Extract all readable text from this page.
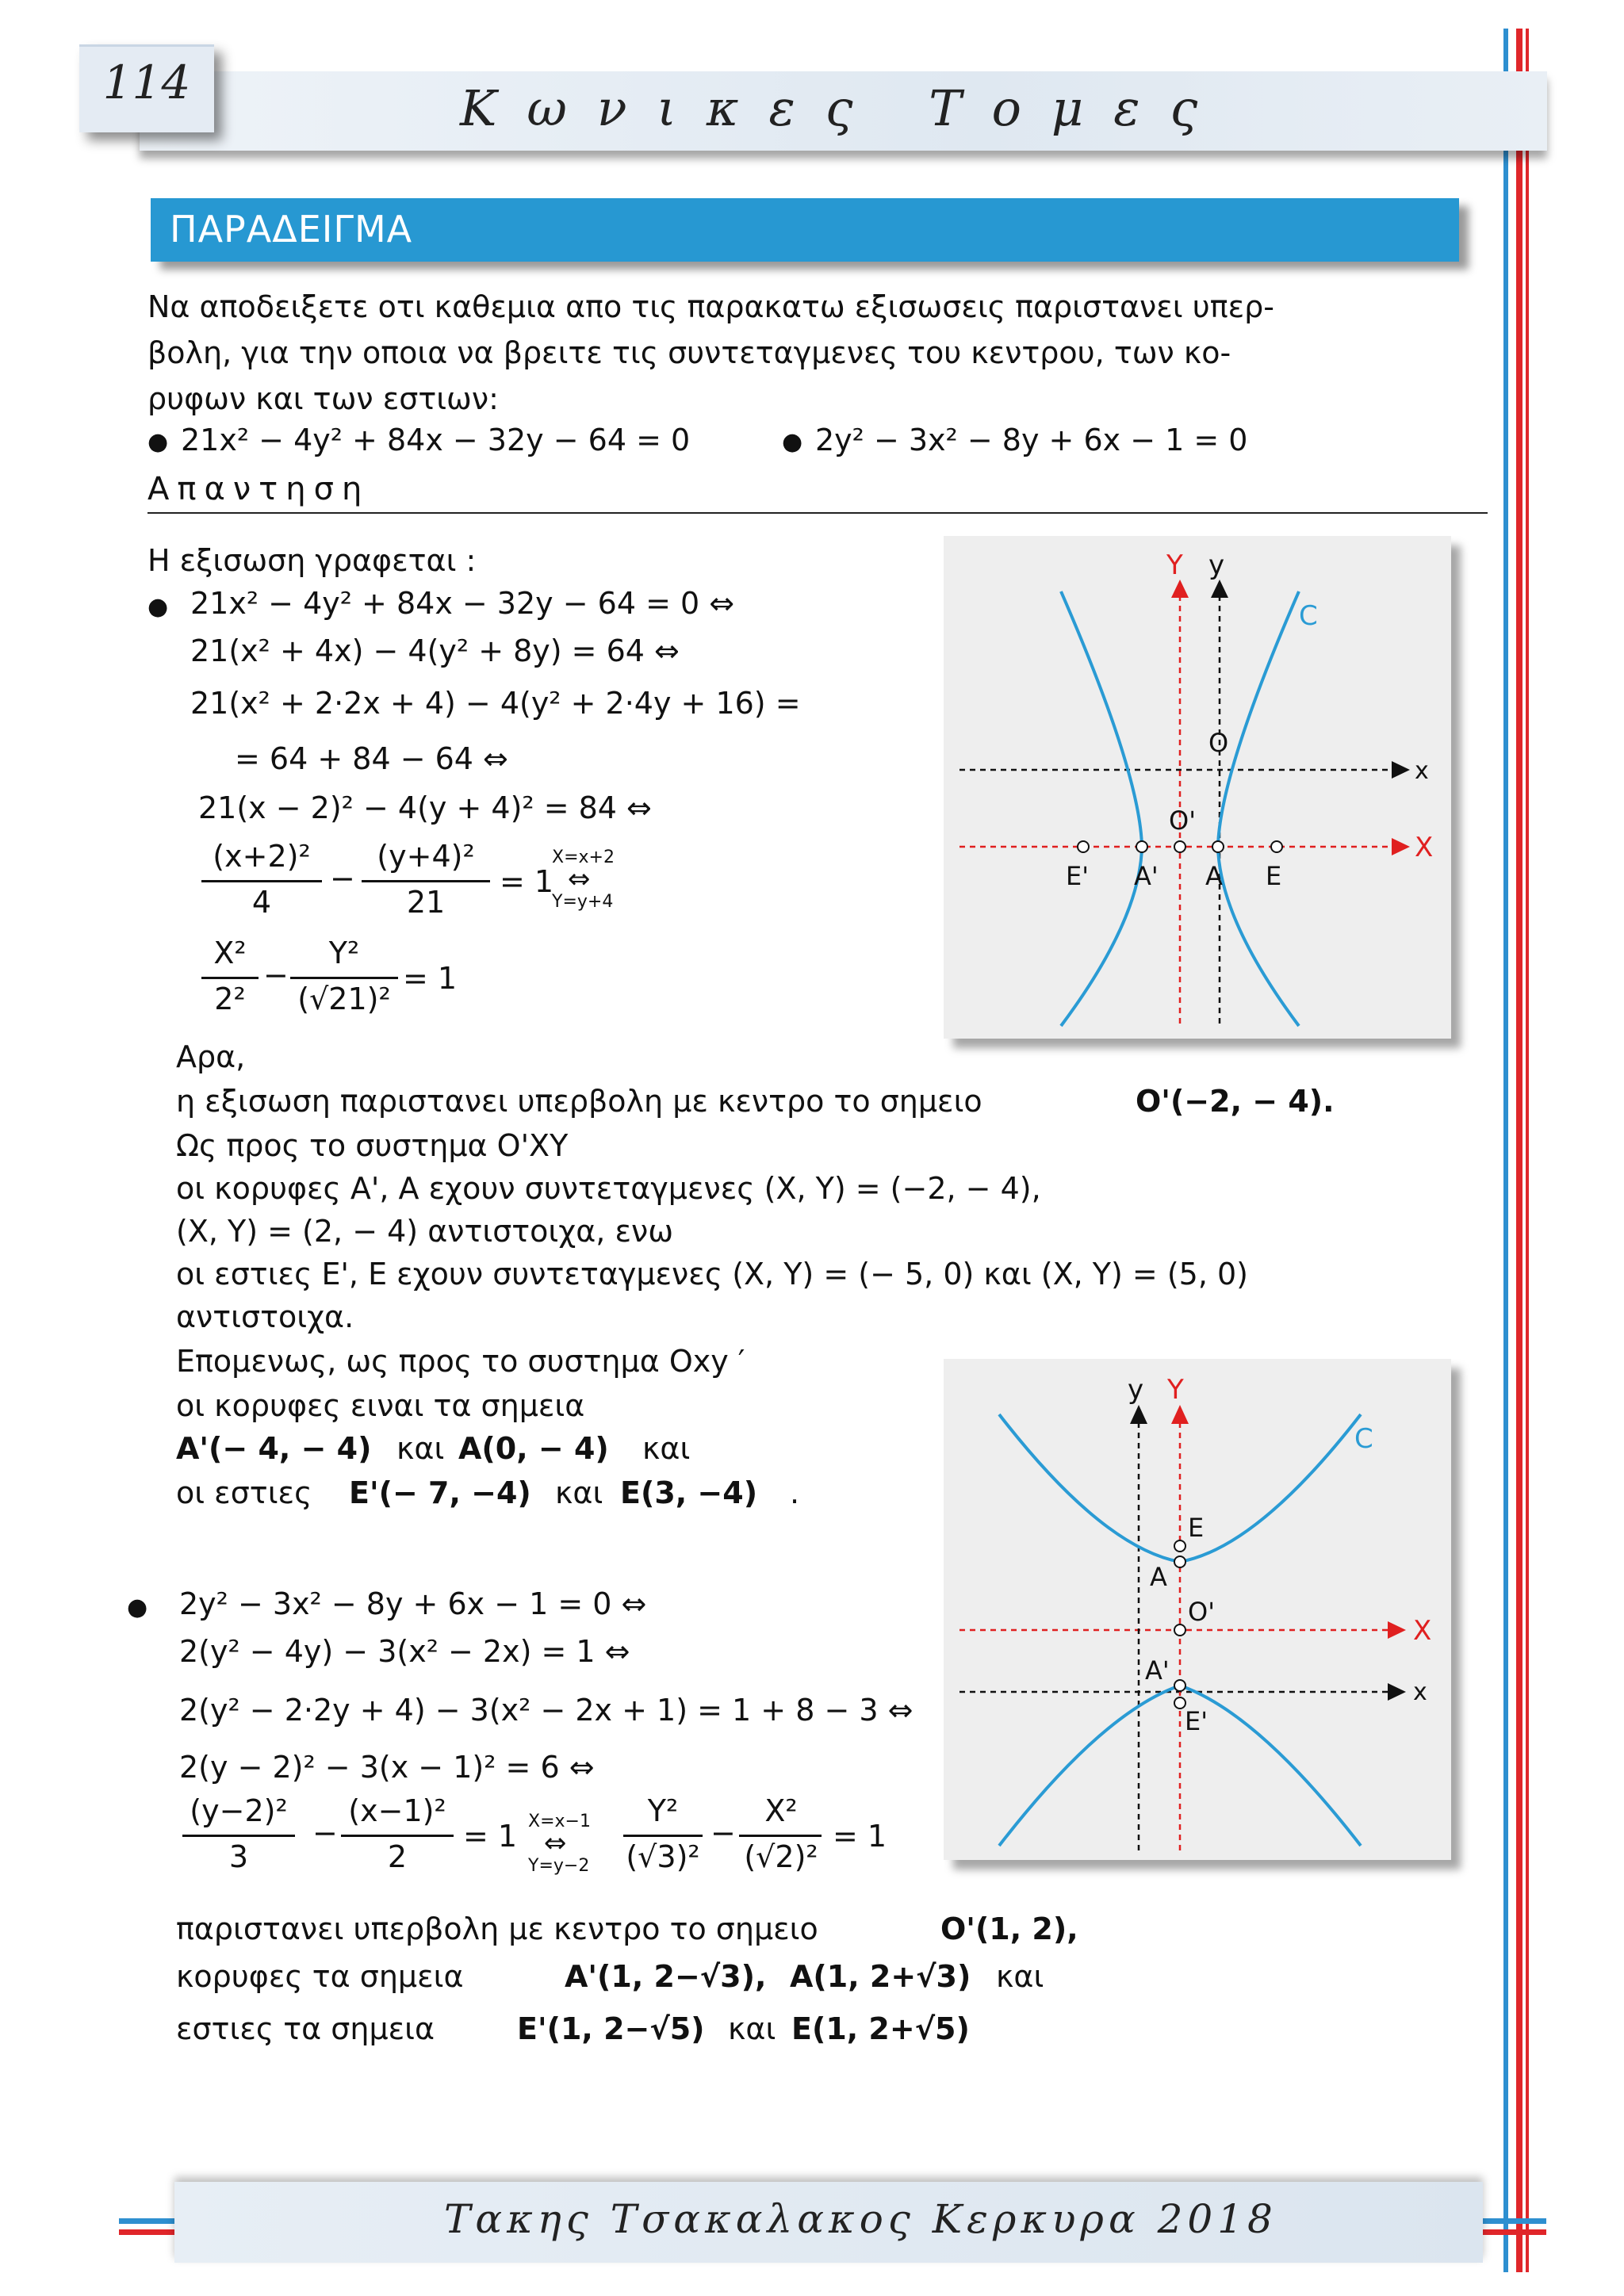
114	Κωνικες Τομες
ΠΑΡΑΔΕΙΓΜΑ
Να αποδειξετε οτι καθεμια απο τις παρακατω εξισωσεις παριστανει υπερ-
βολη, για την οποια να βρειτε τις συντεταγμενες του κεντρου, των κο-
ρυφων και των εστιων:
● 21x² − 4y² + 84x − 32y − 64 = 0	● 2y² − 3x² − 8y + 6x − 1 = 0
Απαντηση
Η εξισωση γραφεται :
● 21x² − 4y² + 84x − 32y − 64 = 0 ⇔
21(x² + 4x) − 4(y² + 8y) = 64 ⇔
21(x² + 2·2x + 4) − 4(y² + 2·4y + 16) =
= 64 + 84 − 64 ⇔
21(x − 2)² − 4(y + 4)² = 84 ⇔
(x+2)²
4
−
(y+4)²
21
= 1
X=x+2
⇔
Y=y+4
X²
2²
−
Y²
(√21)²
= 1
Αρα,
η εξισωση παριστανει υπερβολη με κεντρο το σημειο	Ο'(−2, − 4).
Ως προς το συστημα Ο'ΧΥ
οι κορυφες Α', Α εχουν συντεταγμενες (Χ, Υ) = (−2, − 4),
(Χ, Υ) = (2, − 4) αντιστοιχα, ενω
οι εστιες Ε', Ε εχουν συντεταγμενες (Χ, Υ) = (− 5, 0) και (Χ, Υ) = (5, 0)
αντιστοιχα.
Επομενως, ως προς το συστημα Οxy ′
οι κορυφες ειναι τα σημεια
Α'(− 4, − 4) και Α(0, − 4) και
οι εστιες Ε'(− 7, −4) και Ε(3, −4) .
Y y
x
X
C
O
O'
E' A' A E
● 2y² − 3x² − 8y + 6x − 1 = 0 ⇔
2(y² − 4y) − 3(x² − 2x) = 1 ⇔
2(y² − 2·2y + 4) − 3(x² − 2x + 1) = 1 + 8 − 3 ⇔
2(y − 2)² − 3(x − 1)² = 6 ⇔
(y−2)²
3
−
(x−1)²
2
= 1 X=x−1
⇔
Y=y−2
Y²
(√3)²
−
X²
(√2)²
= 1
παριστανει υπερβολη με κεντρο το σημειο	Ο'(1, 2),
κορυφες τα σημεια	Α'(1, 2−√3), Α(1, 2+√3) και
εστιες τα σημεια	Ε'(1, 2−√5) και Ε(1, 2+√5)
y Y
x
X
C
E
A
O'
A'
E'
Τακης Τσακαλακος Κερκυρα 2018
